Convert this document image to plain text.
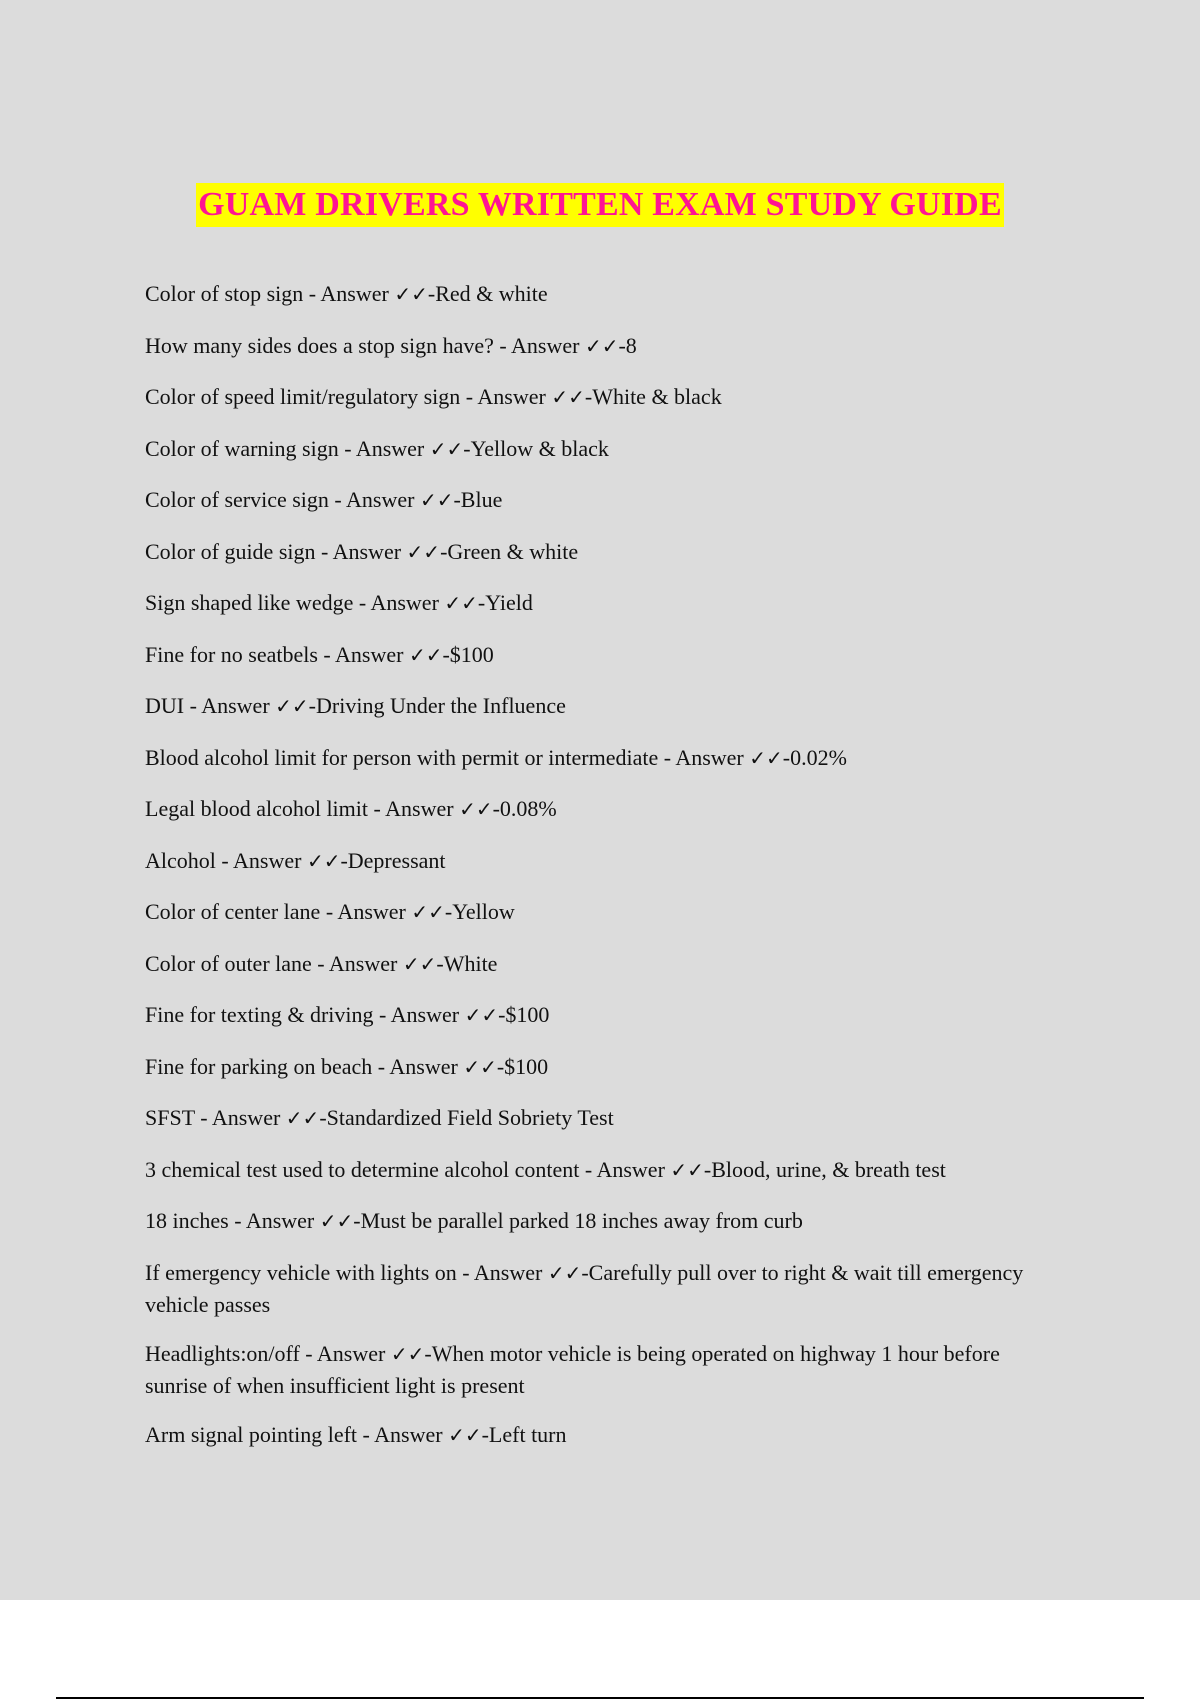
GUAM DRIVERS WRITTEN EXAM STUDY GUIDE
Color of stop sign - Answer ✓✓-Red & white
How many sides does a stop sign have? - Answer ✓✓-8
Color of speed limit/regulatory sign - Answer ✓✓-White & black
Color of warning sign - Answer ✓✓-Yellow & black
Color of service sign - Answer ✓✓-Blue
Color of guide sign - Answer ✓✓-Green & white
Sign shaped like wedge - Answer ✓✓-Yield
Fine for no seatbels - Answer ✓✓-$100
DUI - Answer ✓✓-Driving Under the Influence
Blood alcohol limit for person with permit or intermediate - Answer ✓✓-0.02%
Legal blood alcohol limit - Answer ✓✓-0.08%
Alcohol - Answer ✓✓-Depressant
Color of center lane - Answer ✓✓-Yellow
Color of outer lane - Answer ✓✓-White
Fine for texting & driving - Answer ✓✓-$100
Fine for parking on beach - Answer ✓✓-$100
SFST - Answer ✓✓-Standardized Field Sobriety Test
3 chemical test used to determine alcohol content - Answer ✓✓-Blood, urine, & breath test
18 inches - Answer ✓✓-Must be parallel parked 18 inches away from curb
If emergency vehicle with lights on - Answer ✓✓-Carefully pull over to right & wait till emergency vehicle passes
Headlights:on/off - Answer ✓✓-When motor vehicle is being operated on highway 1 hour before sunrise of when insufficient light is present
Arm signal pointing left - Answer ✓✓-Left turn
